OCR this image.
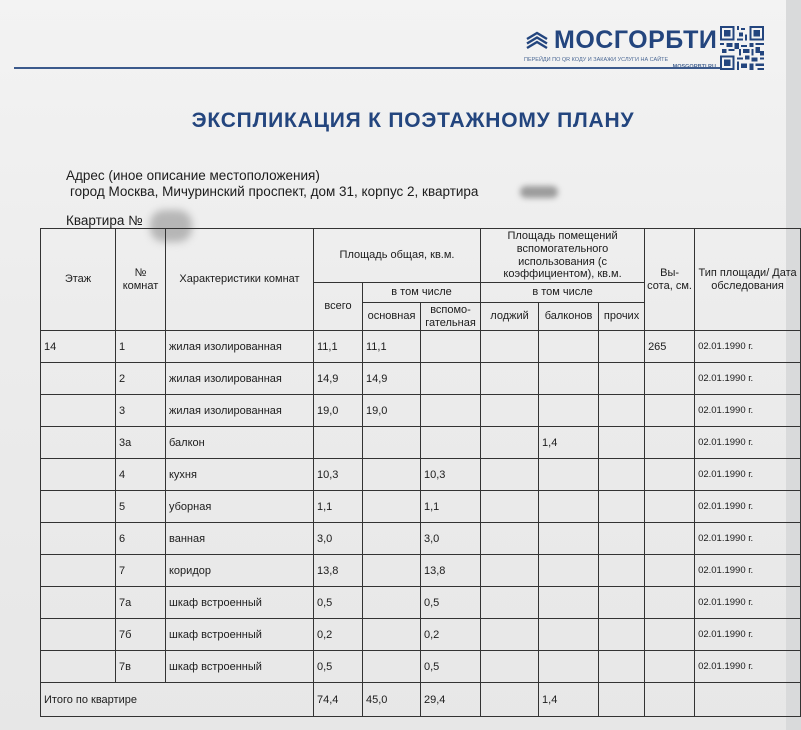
МОСГОРБТИ
ПЕРЕЙДИ ПО QR КОДУ И ЗАКАЖИ УСЛУГИ НА САЙТЕ
ЭКСПЛИКАЦИЯ К ПОЭТАЖНОМУ ПЛАНУ
Адрес (иное описание местоположения)
город Москва, Мичуринский проспект, дом 31, корпус 2, квартира
Квартира №
Этаж	№ комнат	Характеристики комнат	Площадь общая, кв.м.			Площадь помещений вспомогательного использования (с коэффициентом), кв.м.			Вы- сота, см.	Тип площади/ Дата обследования
			всего	в том числе		в том числе				
				основная	вспомо- гательная	лоджий	балконов	прочих		
14	1	жилая изолированная	11,1	11,1					265	02.01.1990 г.
	2	жилая изолированная	14,9	14,9						02.01.1990 г.
	3	жилая изолированная	19,0	19,0						02.01.1990 г.
	3а	балкон					1,4			02.01.1990 г.
	4	кухня	10,3		10,3					02.01.1990 г.
	5	уборная	1,1		1,1					02.01.1990 г.
	6	ванная	3,0		3,0					02.01.1990 г.
	7	коридор	13,8		13,8					02.01.1990 г.
	7а	шкаф встроенный	0,5		0,5					02.01.1990 г.
	7б	шкаф встроенный	0,2		0,2					02.01.1990 г.
	7в	шкаф встроенный	0,5		0,5					02.01.1990 г.
Итого по квартире			74,4	45,0	29,4		1,4			
